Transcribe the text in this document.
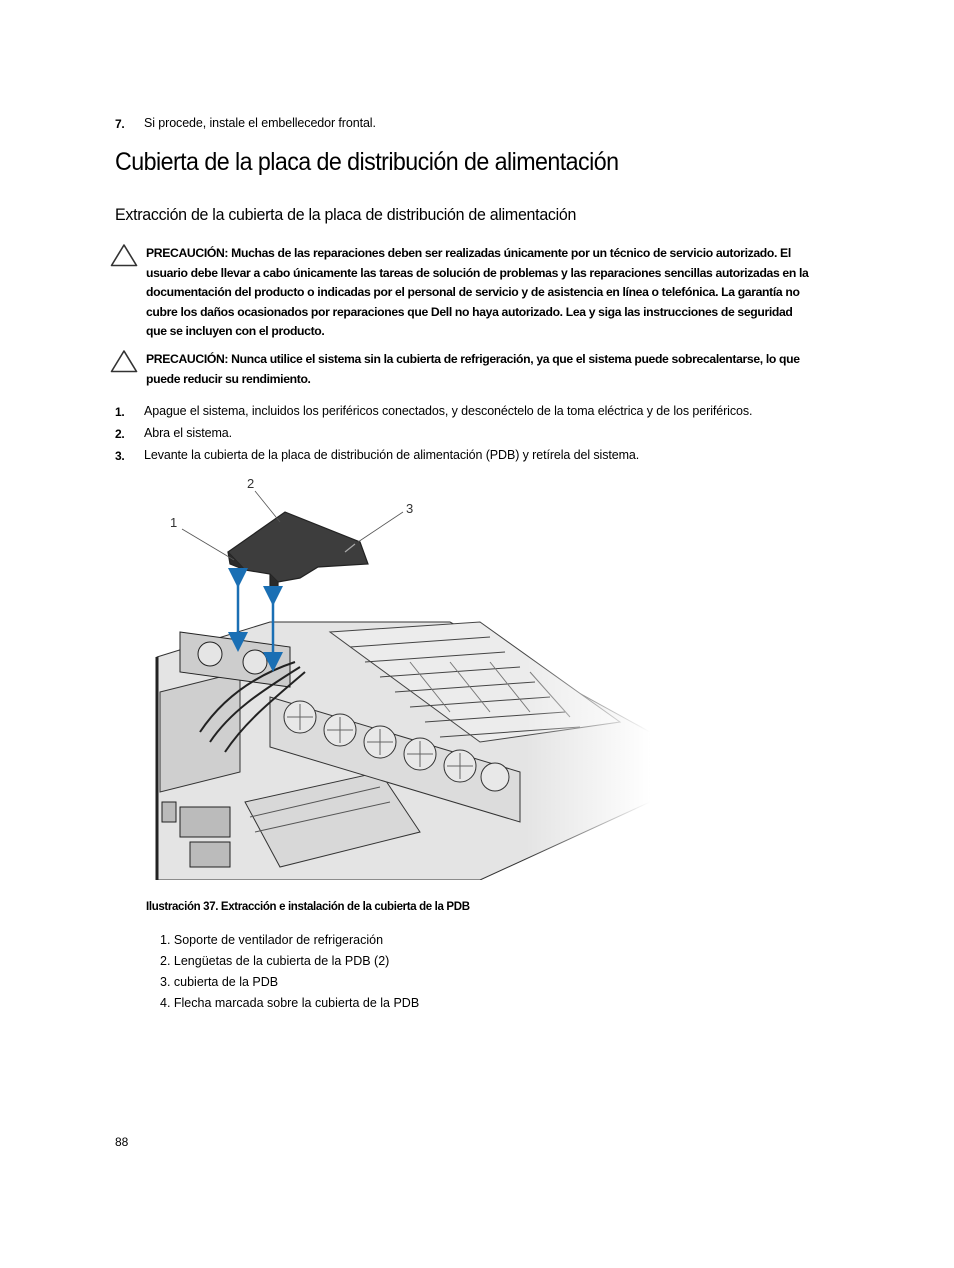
7. Si procede, instale el embellecedor frontal.
Cubierta de la placa de distribución de alimentación
Extracción de la cubierta de la placa de distribución de alimentación
PRECAUCIÓN: Muchas de las reparaciones deben ser realizadas únicamente por un técnico de servicio autorizado. El usuario debe llevar a cabo únicamente las tareas de solución de problemas y las reparaciones sencillas autorizadas en la documentación del producto o indicadas por el personal de servicio y de asistencia en línea o telefónica. La garantía no cubre los daños ocasionados por reparaciones que Dell no haya autorizado. Lea y siga las instrucciones de seguridad que se incluyen con el producto.
PRECAUCIÓN: Nunca utilice el sistema sin la cubierta de refrigeración, ya que el sistema puede sobrecalentarse, lo que puede reducir su rendimiento.
1. Apague el sistema, incluidos los periféricos conectados, y desconéctelo de la toma eléctrica y de los periféricos.
2. Abra el sistema.
3. Levante la cubierta de la placa de distribución de alimentación (PDB) y retírela del sistema.
1
2
3
Ilustración 37. Extracción e instalación de la cubierta de la PDB
1. Soporte de ventilador de refrigeración
2. Lengüetas de la cubierta de la PDB (2)
3. cubierta de la PDB
4. Flecha marcada sobre la cubierta de la PDB
88
